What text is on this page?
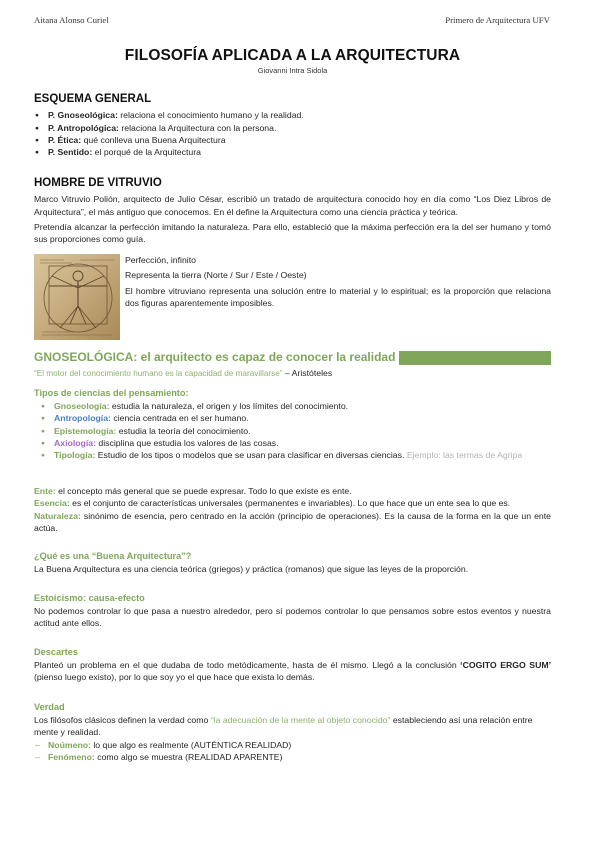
Aitana Alonso Curiel	Primero de Arquitectura UFV
FILOSOFÍA APLICADA A LA ARQUITECTURA
Giovanni Intra Sidola
ESQUEMA GENERAL
● P. Gnoseológica: relaciona el conocimiento humano y la realidad.
● P. Antropológica: relaciona la Arquitectura con la persona.
● P. Ética: qué conlleva una Buena Arquitectura
● P. Sentido: el porqué de la Arquitectura
HOMBRE DE VITRUVIO

Marco Vitruvio Polión, arquitecto de Julio César, escribió un tratado de arquitectura conocido hoy en día como “Los Diez Libros de Arquitectura”, el más antiguo que conocemos. En él define la Arquitectura como una ciencia práctica y teórica.

Pretendía alcanzar la perfección imitando la naturaleza. Para ello, estableció que la máxima perfección era la del ser humano y tomó sus proporciones como guía.

Perfección, infinito

Representa la tierra (Norte / Sur / Este / Oeste)

El hombre vitruviano representa una solución entre lo material y lo espiritual; es la proporción que relaciona dos figuras aparentemente imposibles.

GNOSEOLÓGICA: el arquitecto es capaz de conocer la realidad

“El motor del conocimiento humano es la capacidad de maravillarse” – Aristóteles

Tipos de ciencias del pensamiento:

● Gnoseología: estudia la naturaleza, el origen y los límites del conocimiento.
● Antropología: ciencia centrada en el ser humano.
● Epistemología: estudia la teoría del conocimiento.
● Axiología: disciplina que estudia los valores de las cosas.
● Tipología: Estudio de los tipos o modelos que se usan para clasificar en diversas ciencias. Ejemplo: las termas de Agripa

Ente: el concepto más general que se puede expresar. Todo lo que existe es ente.

Esencia: es el conjunto de características universales (permanentes e invariables). Lo que hace que un ente sea lo que es.

Naturaleza: sinónimo de esencia, pero centrado en la acción (principio de operaciones). Es la causa de la forma en la que un ente actúa.

¿Qué es una “Buena Arquitectura”?

La Buena Arquitectura es una ciencia teórica (griegos) y práctica (romanos) que sigue las leyes de la proporción.

Estoicismo: causa-efecto

No podemos controlar lo que pasa a nuestro alrededor, pero sí podemos controlar lo que pensamos sobre estos eventos y nuestra actitud ante ellos.

Descartes

Planteó un problema en el que dudaba de todo metódicamente, hasta de él mismo. Llegó a la conclusión ‘COGITO ERGO SUM’ (pienso luego existo), por lo que soy yo el que hace que exista lo demás.

Verdad

Los filósofos clásicos definen la verdad como “la adecuación de la mente al objeto conocido” estableciendo así una relación entre mente y realidad.

– Noúmeno: lo que algo es realmente (AUTÉNTICA REALIDAD)
– Fenómeno: como algo se muestra (REALIDAD APARENTE)
